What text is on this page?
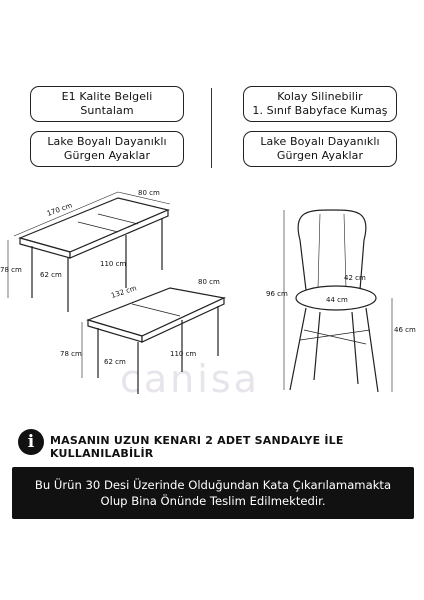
E1 Kalite Belgeli
Suntalam
Kolay Silinebilir
1. Sınıf Babyface Kumaş
Lake Boyalı Dayanıklı
Gürgen Ayaklar
Lake Boyalı Dayanıklı
Gürgen Ayaklar
canisa
170 cm
80 cm
78 cm
62 cm
110 cm
132 cm
80 cm
78 cm
62 cm
110 cm
96 cm
42 cm
44 cm
46 cm
i	MASANIN UZUN KENARI 2 ADET SANDALYE İLE KULLANILABİLİR
Bu Ürün 30 Desi Üzerinde Olduğundan Kata Çıkarılamamakta
Olup Bina Önünde Teslim Edilmektedir.
